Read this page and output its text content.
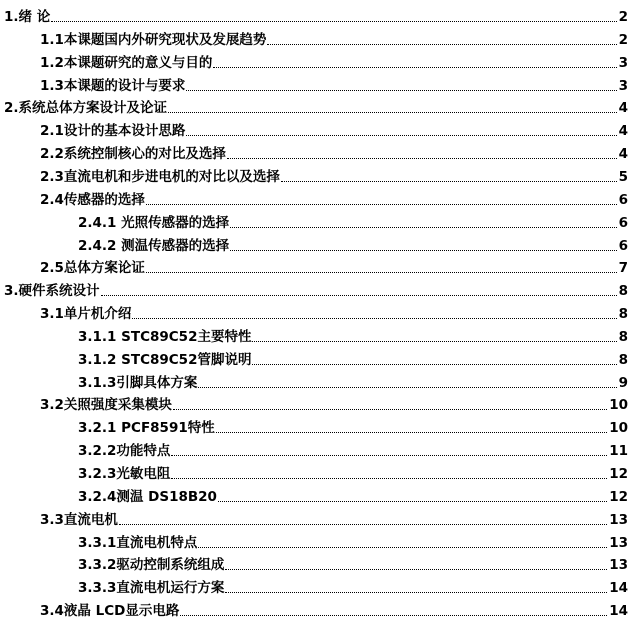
1.绪 论	2
1.1本课题国内外研究现状及发展趋势	2
1.2本课题研究的意义与目的	3
1.3本课题的设计与要求	3
2.系统总体方案设计及论证	4
2.1设计的基本设计思路	4
2.2系统控制核心的对比及选择	4
2.3直流电机和步进电机的对比以及选择	5
2.4传感器的选择	6
2.4.1 光照传感器的选择	6
2.4.2 测温传感器的选择	6
2.5总体方案论证	7
3.硬件系统设计	8
3.1单片机介绍	8
3.1.1 STC89C52主要特性	8
3.1.2 STC89C52管脚说明	8
3.1.3引脚具体方案	9
3.2关照强度采集模块	10
3.2.1 PCF8591特性	10
3.2.2功能特点	11
3.2.3光敏电阻	12
3.2.4测温 DS18B20	12
3.3直流电机	13
3.3.1直流电机特点	13
3.3.2驱动控制系统组成	13
3.3.3直流电机运行方案	14
3.4液晶 LCD显示电路	14
